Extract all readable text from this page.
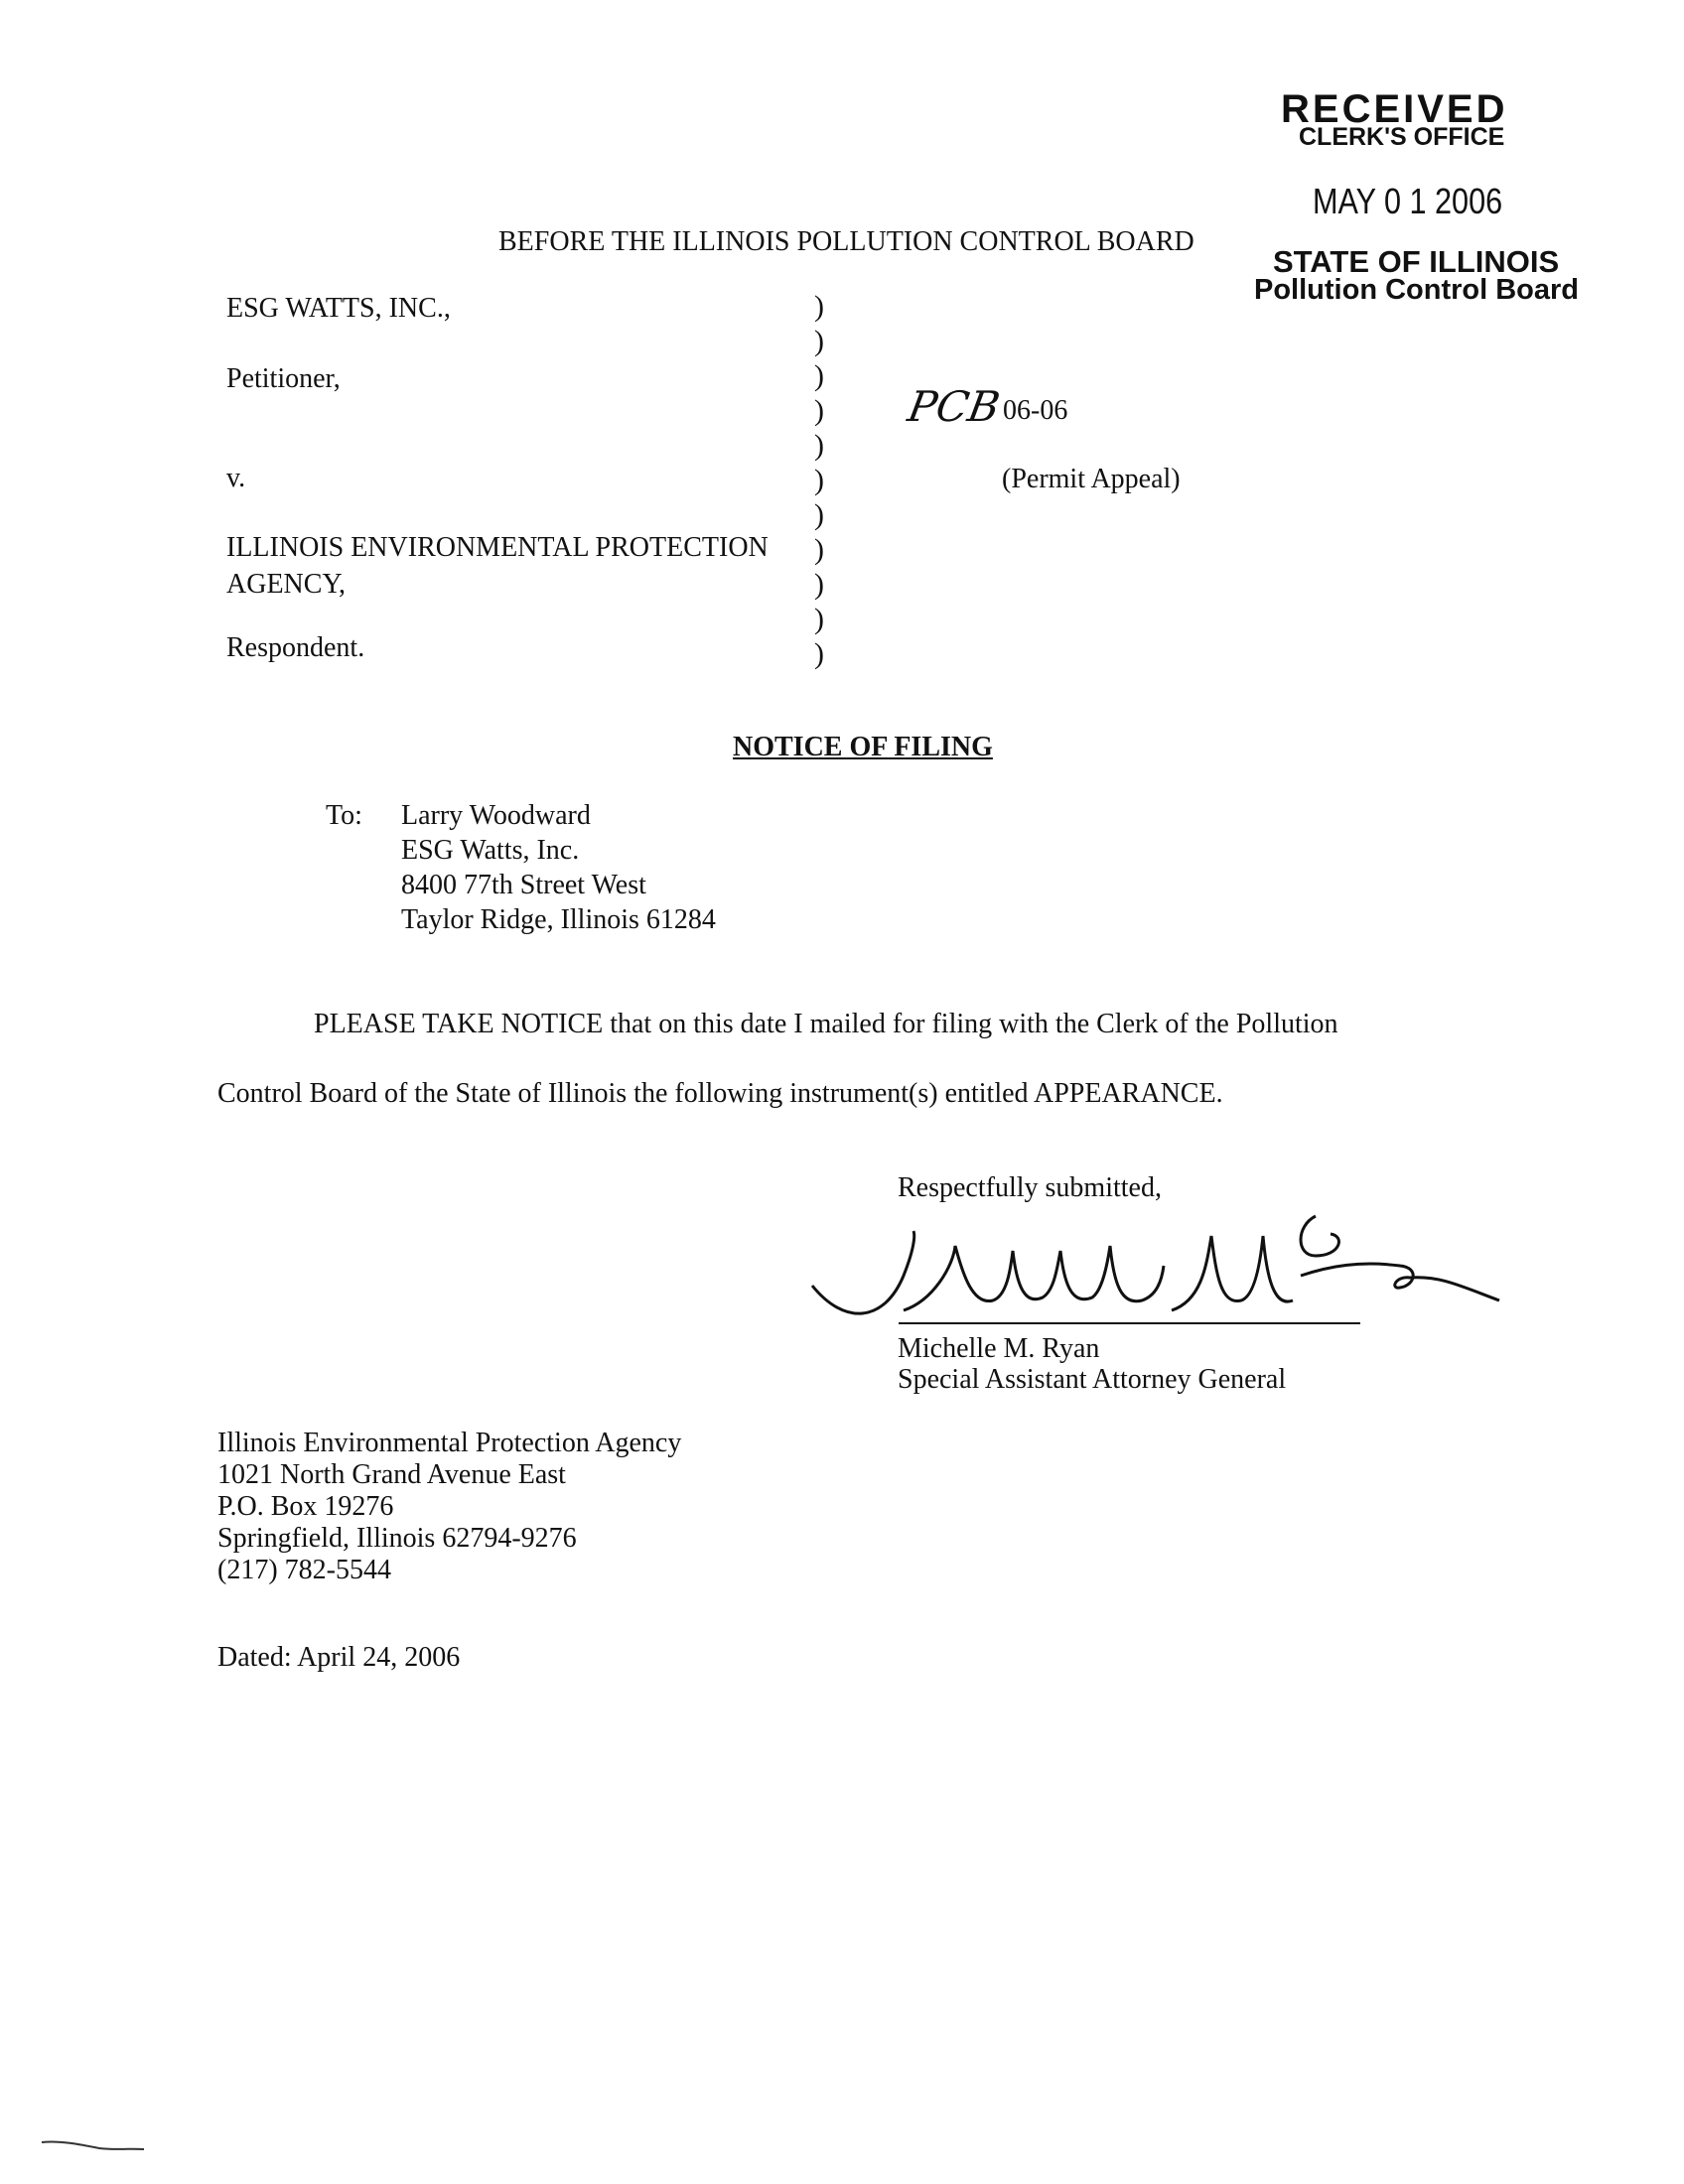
RECEIVED
CLERK'S OFFICE
MAY 0 1 2006
STATE OF ILLINOIS
Pollution Control Board
BEFORE THE ILLINOIS POLLUTION CONTROL BOARD
ESG WATTS, INC.,
Petitioner,
v.
ILLINOIS ENVIRONMENTAL PROTECTION
AGENCY,
Respondent.
)
)
)
)
)
)
)
)
)
)
)
PCB 06-06
(Permit Appeal)
NOTICE OF FILING
To: Larry Woodward
ESG Watts, Inc.
8400 77th Street West
Taylor Ridge, Illinois 61284
PLEASE TAKE NOTICE that on this date I mailed for filing with the Clerk of the Pollution
Control Board of the State of Illinois the following instrument(s) entitled APPEARANCE.
Respectfully submitted,
Michelle M. Ryan
Special Assistant Attorney General
Illinois Environmental Protection Agency
1021 North Grand Avenue East
P.O. Box 19276
Springfield, Illinois 62794-9276
(217) 782-5544
Dated: April 24, 2006
